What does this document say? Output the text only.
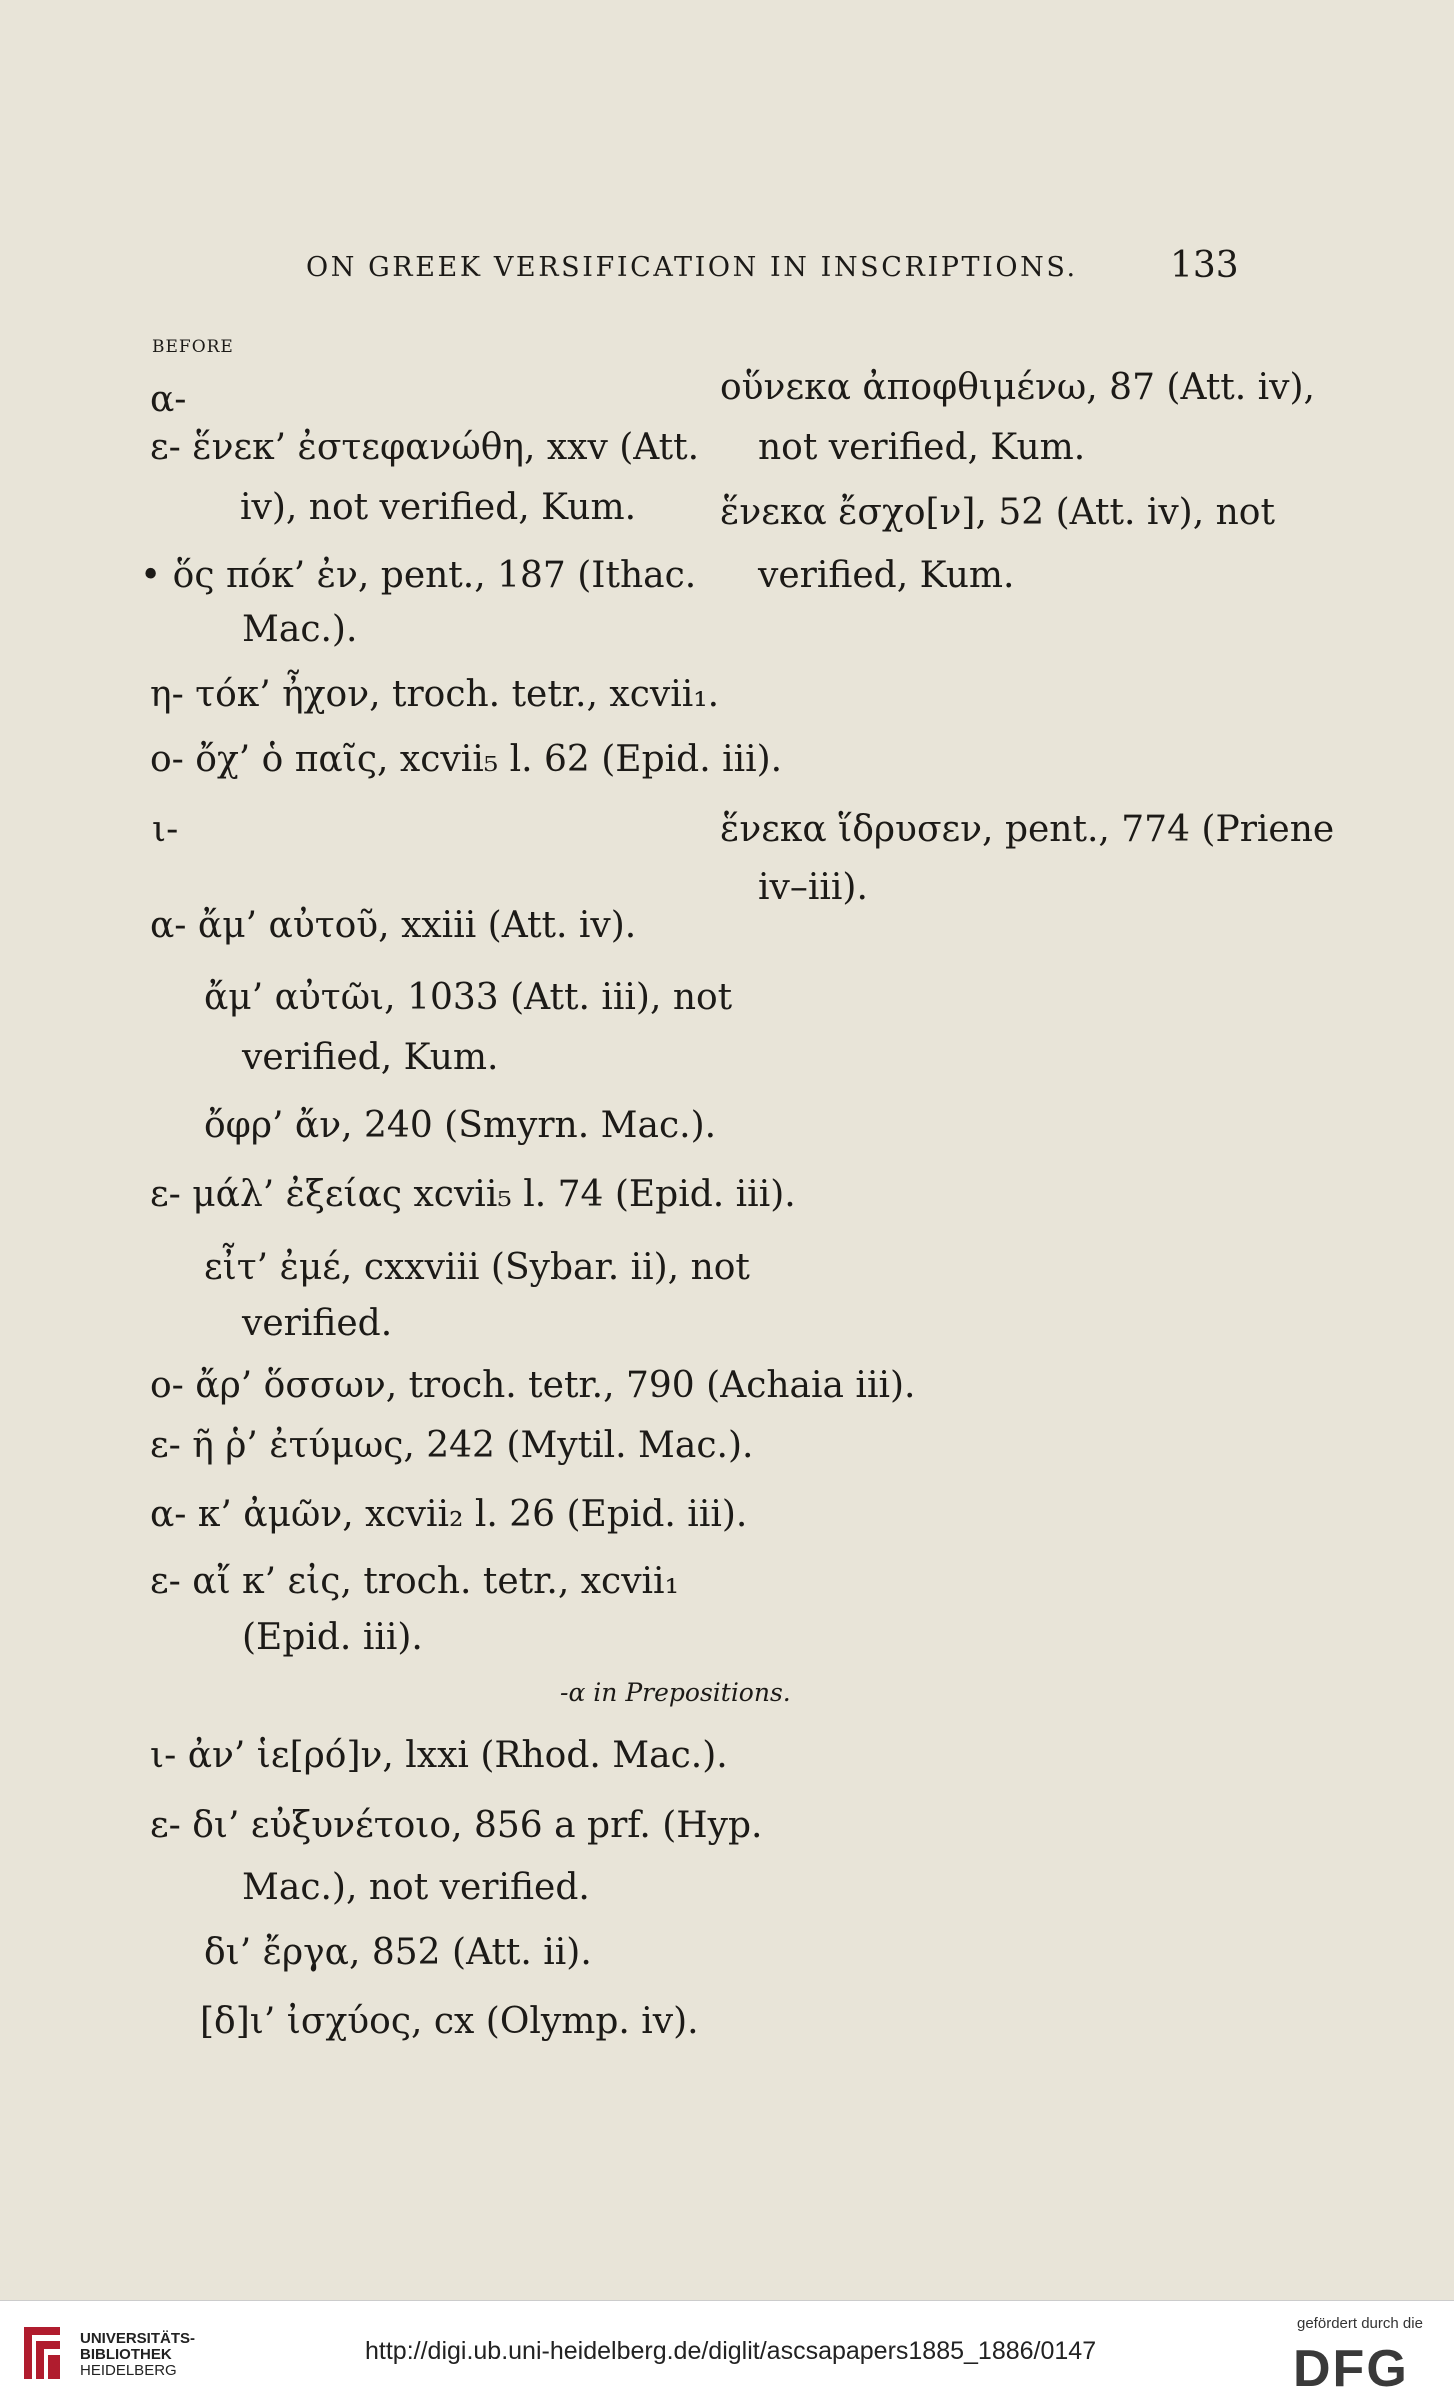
ON GREEK VERSIFICATION IN INSCRIPTIONS.	133
BEFORE
α-
ε- ἕνεκ’ ἐστεφανώθη, xxv (Att.
iv), not verified, Kum.
• ὅς πόκ’ ἐν, pent., 187 (Ithac.
Mac.).
η- τόκ’ ἦχον, troch. tetr., xcvii₁.
ο- ὄχ’ ὁ παῖς, xcvii₅ l. 62 (Epid. iii).
ι-
α- ἄμ’ αὐτοῦ, xxiii (Att. iv).
ἄμ’ αὐτῶι, 1033 (Att. iii), not
verified, Kum.
ὄφρ’ ἄν, 240 (Smyrn. Mac.).
ε- μάλ’ ἐξείας xcvii₅ l. 74 (Epid. iii).
εἶτ’ ἐμέ, cxxviii (Sybar. ii), not
verified.
ο- ἄρ’ ὅσσων, troch. tetr., 790 (Achaia iii).
ε- ῆ ῥ’ ἐτύμως, 242 (Mytil. Mac.).
α- κ’ ἀμῶν, xcvii₂ l. 26 (Epid. iii).
ε- αἴ κ’ εἰς, troch. tetr., xcvii₁
(Epid. iii).
ι- ἀν’ ἱε[ρό]ν, lxxi (Rhod. Mac.).
ε- δι’ εὐξυνέτοιο, 856 a prf. (Hyp.
Mac.), not verified.
δι’ ἔργα, 852 (Att. ii).
[δ]ι’ ἰσχύος, cx (Olymp. iv).
οὕνεκα ἀποφθιμένω, 87 (Att. iv),
not verified, Kum.
ἕνεκα ἔσχο[ν], 52 (Att. iv), not
verified, Kum.
ἕνεκα ἵδρυσεν, pent., 774 (Priene
iv–iii).
-α in Prepositions.
UNIVERSITÄTS-
BIBLIOTHEK
HEIDELBERG
http://digi.ub.uni-heidelberg.de/diglit/ascsapapers1885_1886/0147
gefördert durch die
DFG
